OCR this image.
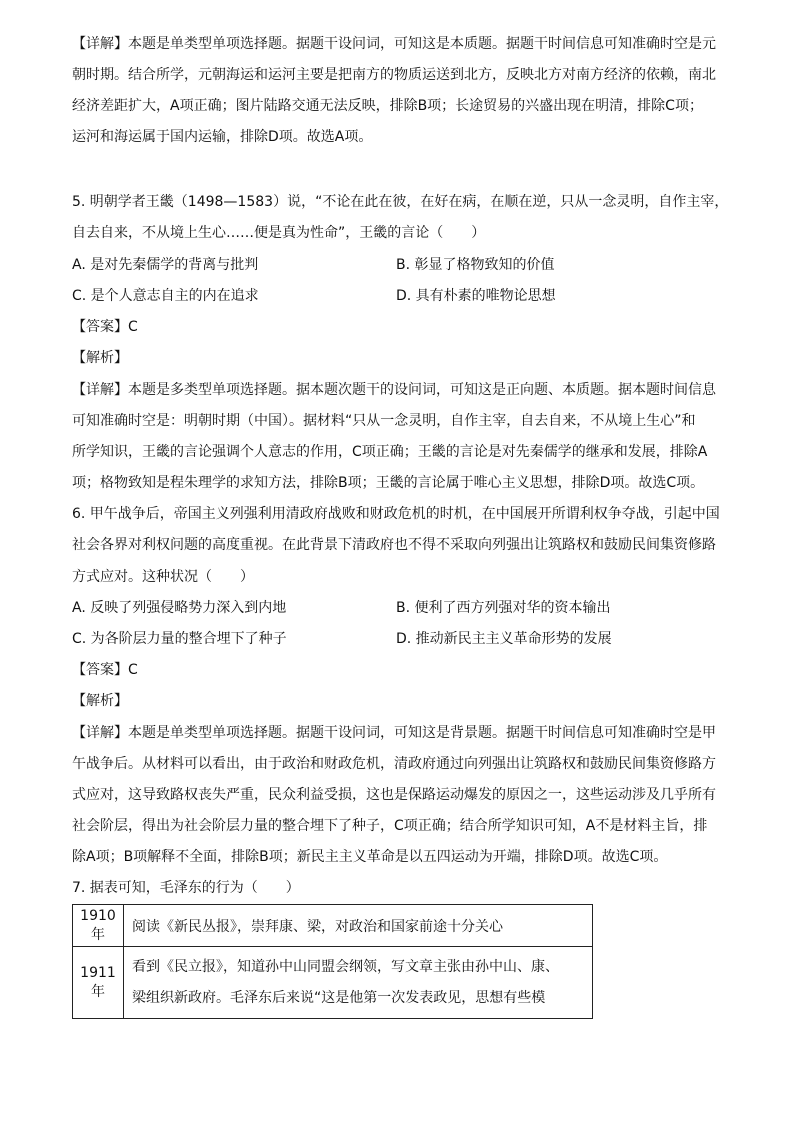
【详解】本题是单类型单项选择题。据题干设问词，可知这是本质题。据题干时间信息可知准确时空是元
朝时期。结合所学，元朝海运和运河主要是把南方的物质运送到北方，反映北方对南方经济的依赖，南北
经济差距扩大，A项正确；图片陆路交通无法反映，排除B项；长途贸易的兴盛出现在明清，排除C项；
运河和海运属于国内运输，排除D项。故选A项。
5. 明朝学者王畿（1498—1583）说，“不论在此在彼，在好在病，在顺在逆，只从一念灵明，自作主宰，
自去自来，不从境上生心……便是真为性命”，王畿的言论（　　）
A. 是对先秦儒学的背离与批判	B. 彰显了格物致知的价值
C. 是个人意志自主的内在追求	D. 具有朴素的唯物论思想
【答案】C
【解析】
【详解】本题是多类型单项选择题。据本题次题干的设问词，可知这是正向题、本质题。据本题时间信息
可知准确时空是：明朝时期（中国）。据材料“只从一念灵明，自作主宰，自去自来，不从境上生心”和
所学知识，王畿的言论强调个人意志的作用，C项正确；王畿的言论是对先秦儒学的继承和发展，排除A
项；格物致知是程朱理学的求知方法，排除B项；王畿的言论属于唯心主义思想，排除D项。故选C项。
6. 甲午战争后，帝国主义列强利用清政府战败和财政危机的时机，在中国展开所谓利权争夺战，引起中国
社会各界对利权问题的高度重视。在此背景下清政府也不得不采取向列强出让筑路权和鼓励民间集资修路
方式应对。这种状况（　　）
A. 反映了列强侵略势力深入到内地	B. 便利了西方列强对华的资本输出
C. 为各阶层力量的整合埋下了种子	D. 推动新民主主义革命形势的发展
【答案】C
【解析】
【详解】本题是单类型单项选择题。据题干设问词，可知这是背景题。据题干时间信息可知准确时空是甲
午战争后。从材料可以看出，由于政治和财政危机，清政府通过向列强出让筑路权和鼓励民间集资修路方
式应对，这导致路权丧失严重，民众利益受损，这也是保路运动爆发的原因之一，这些运动涉及几乎所有
社会阶层，得出为社会阶层力量的整合埋下了种子，C项正确；结合所学知识可知，A不是材料主旨，排
除A项；B项解释不全面，排除B项；新民主主义革命是以五四运动为开端，排除D项。故选C项。
7. 据表可知，毛泽东的行为（　　）
1910 年	阅读《新民丛报》，崇拜康、梁，对政治和国家前途十分关心
1911 年	看到《民立报》，知道孙中山同盟会纲领，写文章主张由孙中山、康、
梁组织新政府。毛泽东后来说“这是他第一次发表政见，思想有些模
